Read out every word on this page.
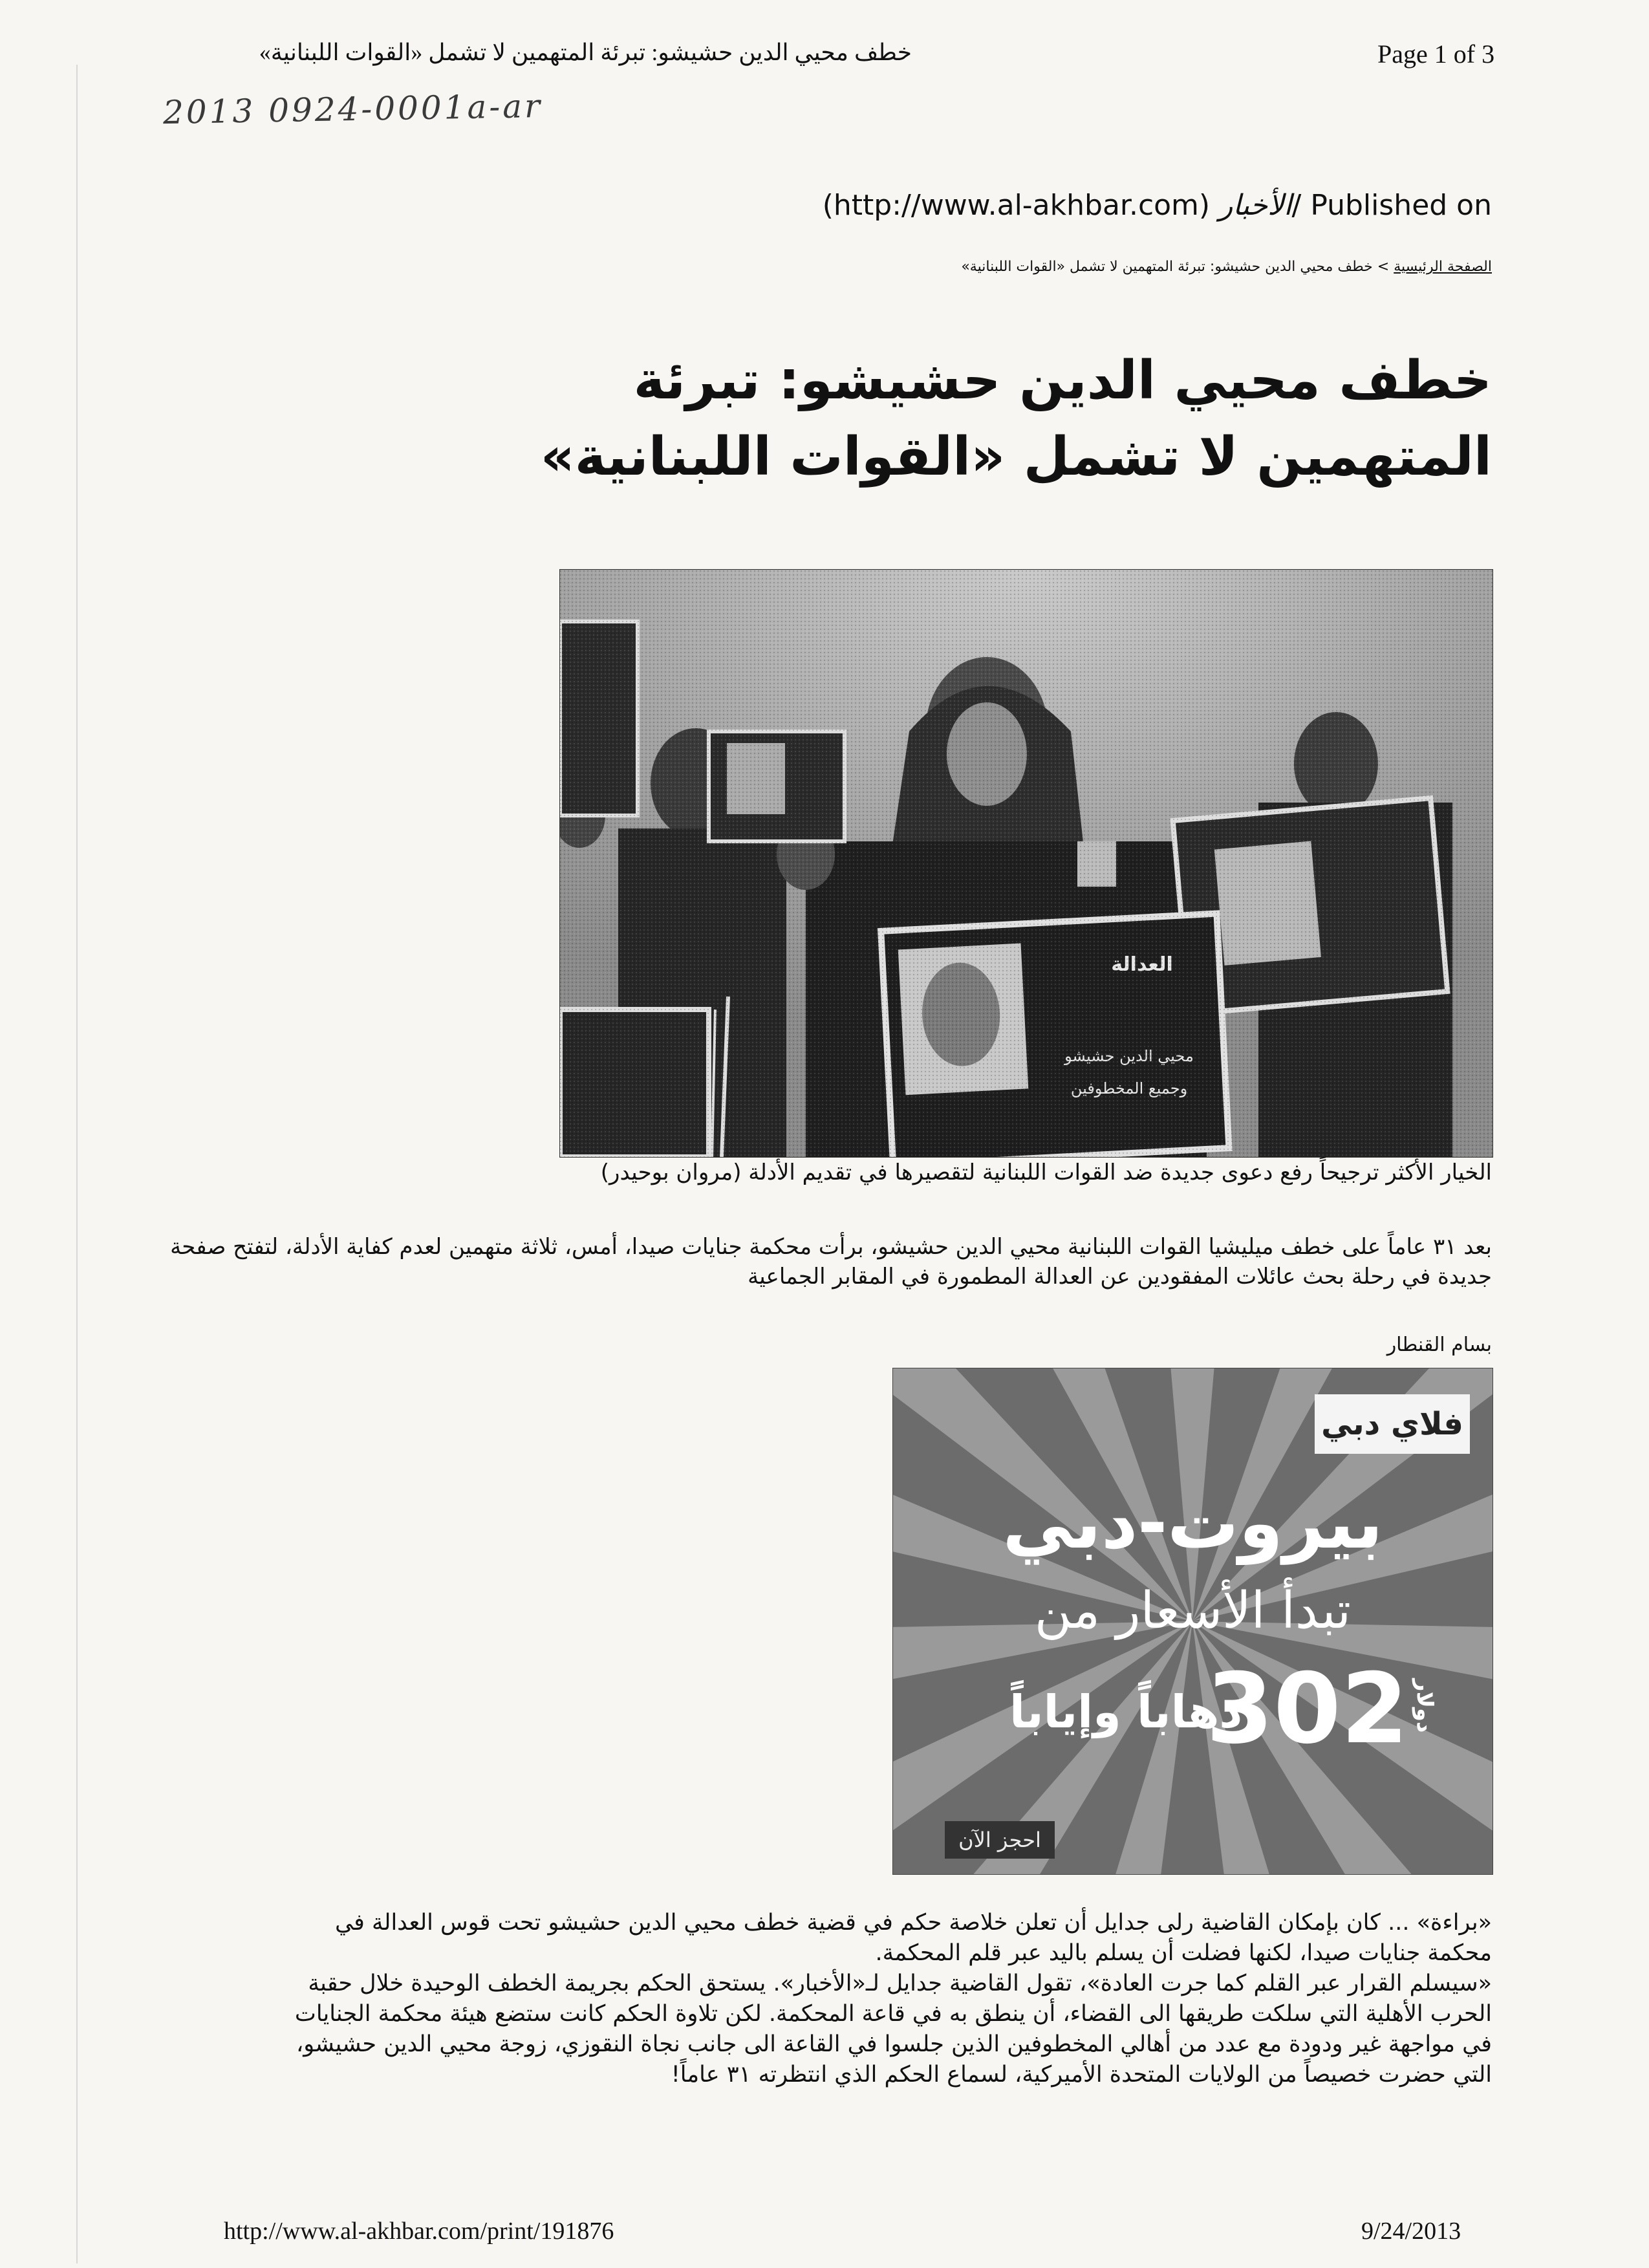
خطف محيي الدين حشيشو: تبرئة المتهمين لا تشمل «القوات اللبنانية»	Page 1 of 3
2013 0924-0001a-ar
(http://www.al-akhbar.com) الأخبار/ Published on
الصفحة الرئيسية > خطف محيي الدين حشيشو: تبرئة المتهمين لا تشمل «القوات اللبنانية»
خطف محيي الدين حشيشو: تبرئة المتهمين لا تشمل «القوات اللبنانية»
الخيار الأكثر ترجيحاً رفع دعوى جديدة ضد القوات اللبنانية لتقصيرها في تقديم الأدلة (مروان بوحيدر)
بعد ٣١ عاماً على خطف ميليشيا القوات اللبنانية محيي الدين حشيشو، برأت محكمة جنايات صيدا، أمس، ثلاثة متهمين لعدم كفاية الأدلة، لتفتح صفحة جديدة في رحلة بحث عائلات المفقودين عن العدالة المطمورة في المقابر الجماعية
بسام القنطار
فلاي دبي
بيروت-دبي
تبدأ الأسعار من
302 دولار
ذهاباً وإياباً
احجز الآن

«براءة» ... كان بإمكان القاضية رلى جدايل أن تعلن خلاصة حكم في قضية خطف محيي الدين حشيشو تحت قوس العدالة في محكمة جنايات صيدا، لكنها فضلت أن يسلم باليد عبر قلم المحكمة.

«سيسلم القرار عبر القلم كما جرت العادة»، تقول القاضية جدايل لـ«الأخبار». يستحق الحكم بجريمة الخطف الوحيدة خلال حقبة الحرب الأهلية التي سلكت طريقها الى القضاء، أن ينطق به في قاعة المحكمة. لكن تلاوة الحكم كانت ستضع هيئة محكمة الجنايات في مواجهة غير ودودة مع عدد من أهالي المخطوفين الذين جلسوا في القاعة الى جانب نجاة النقوزي، زوجة محيي الدين حشيشو، التي حضرت خصيصاً من الولايات المتحدة الأميركية، لسماع الحكم الذي انتظرته ٣١ عاماً!

http://www.al-akhbar.com/print/191876	9/24/2013
